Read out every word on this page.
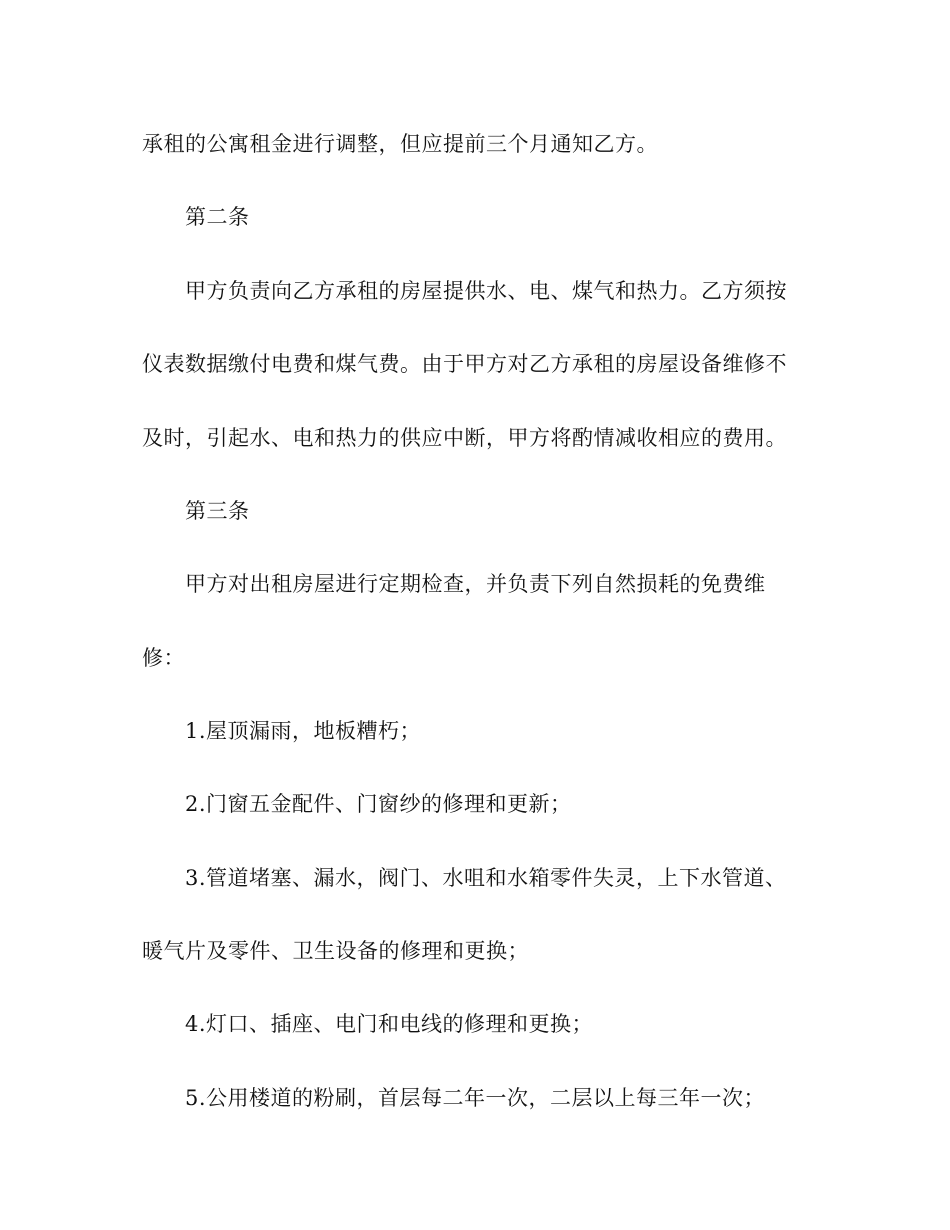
承租的公寓租金进行调整，但应提前三个月通知乙方。
第二条
甲方负责向乙方承租的房屋提供水、电、煤气和热力。乙方须按
仪表数据缴付电费和煤气费。由于甲方对乙方承租的房屋设备维修不
及时，引起水、电和热力的供应中断，甲方将酌情减收相应的费用。
第三条
甲方对出租房屋进行定期检查，并负责下列自然损耗的免费维
修：
1.屋顶漏雨，地板糟朽；
2.门窗五金配件、门窗纱的修理和更新；
3.管道堵塞、漏水，阀门、水咀和水箱零件失灵，上下水管道、
暖气片及零件、卫生设备的修理和更换；
4.灯口、插座、电门和电线的修理和更换；
5.公用楼道的粉刷，首层每二年一次，二层以上每三年一次；
